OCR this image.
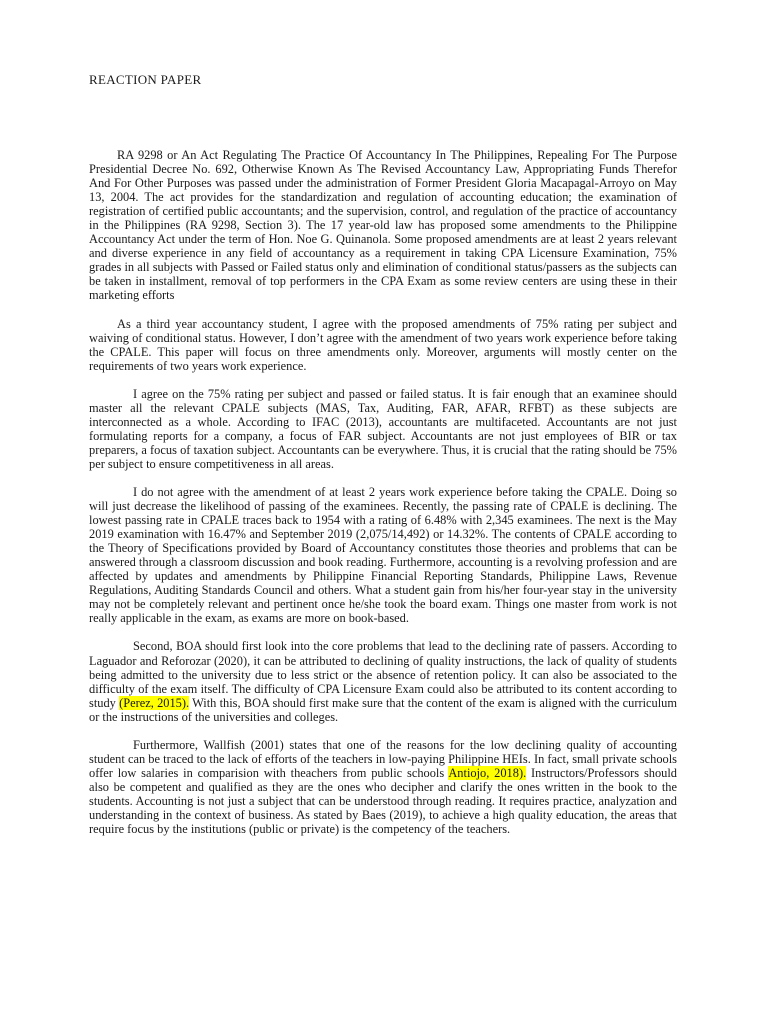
REACTION PAPER

RA 9298 or An Act Regulating The Practice Of Accountancy In The Philippines, Repealing For The Purpose Presidential Decree No. 692, Otherwise Known As The Revised Accountancy Law, Appropriating Funds Therefor And For Other Purposes was passed under the administration of Former President Gloria Macapagal-Arroyo on May 13, 2004. The act provides for the standardization and regulation of accounting education; the examination of registration of certified public accountants; and the supervision, control, and regulation of the practice of accountancy in the Philippines (RA 9298, Section 3). The 17 year-old law has proposed some amendments to the Philippine Accountancy Act under the term of Hon. Noe G. Quinanola. Some proposed amendments are at least 2 years relevant and diverse experience in any field of accountancy as a requirement in taking CPA Licensure Examination, 75% grades in all subjects with Passed or Failed status only and elimination of conditional status/passers as the subjects can be taken in installment, removal of top performers in the CPA Exam as some review centers are using these in their marketing efforts

As a third year accountancy student, I agree with the proposed amendments of 75% rating per subject and waiving of conditional status. However, I don’t agree with the amendment of two years work experience before taking the CPALE. This paper will focus on three amendments only. Moreover, arguments will mostly center on the requirements of two years work experience.

I agree on the 75% rating per subject and passed or failed status. It is fair enough that an examinee should master all the relevant CPALE subjects (MAS, Tax, Auditing, FAR, AFAR, RFBT) as these subjects are interconnected as a whole. According to IFAC (2013), accountants are multifaceted. Accountants are not just formulating reports for a company, a focus of FAR subject. Accountants are not just employees of BIR or tax preparers, a focus of taxation subject. Accountants can be everywhere. Thus, it is crucial that the rating should be 75% per subject to ensure competitiveness in all areas.

I do not agree with the amendment of at least 2 years work experience before taking the CPALE. Doing so will just decrease the likelihood of passing of the examinees. Recently, the passing rate of CPALE is declining. The lowest passing rate in CPALE traces back to 1954 with a rating of 6.48% with 2,345 examinees. The next is the May 2019 examination with 16.47% and September 2019 (2,075/14,492) or 14.32%. The contents of CPALE according to the Theory of Specifications provided by Board of Accountancy constitutes those theories and problems that can be answered through a classroom discussion and book reading. Furthermore, accounting is a revolving profession and are affected by updates and amendments by Philippine Financial Reporting Standards, Philippine Laws, Revenue Regulations, Auditing Standards Council and others. What a student gain from his/her four-year stay in the university may not be completely relevant and pertinent once he/she took the board exam. Things one master from work is not really applicable in the exam, as exams are more on book-based.

Second, BOA should first look into the core problems that lead to the declining rate of passers. According to Laguador and Reforozar (2020), it can be attributed to declining of quality instructions, the lack of quality of students being admitted to the university due to less strict or the absence of retention policy. It can also be associated to the difficulty of the exam itself. The difficulty of CPA Licensure Exam could also be attributed to its content according to study (Perez, 2015). With this, BOA should first make sure that the content of the exam is aligned with the curriculum or the instructions of the universities and colleges.

Furthermore, Wallfish (2001) states that one of the reasons for the low declining quality of accounting student can be traced to the lack of efforts of the teachers in low-paying Philippine HEIs. In fact, small private schools offer low salaries in comparision with theachers from public schools Antiojo, 2018). Instructors/Professors should also be competent and qualified as they are the ones who decipher and clarify the ones written in the book to the students. Accounting is not just a subject that can be understood through reading. It requires practice, analyzation and understanding in the context of business. As stated by Baes (2019), to achieve a high quality education, the areas that require focus by the institutions (public or private) is the competency of the teachers.
